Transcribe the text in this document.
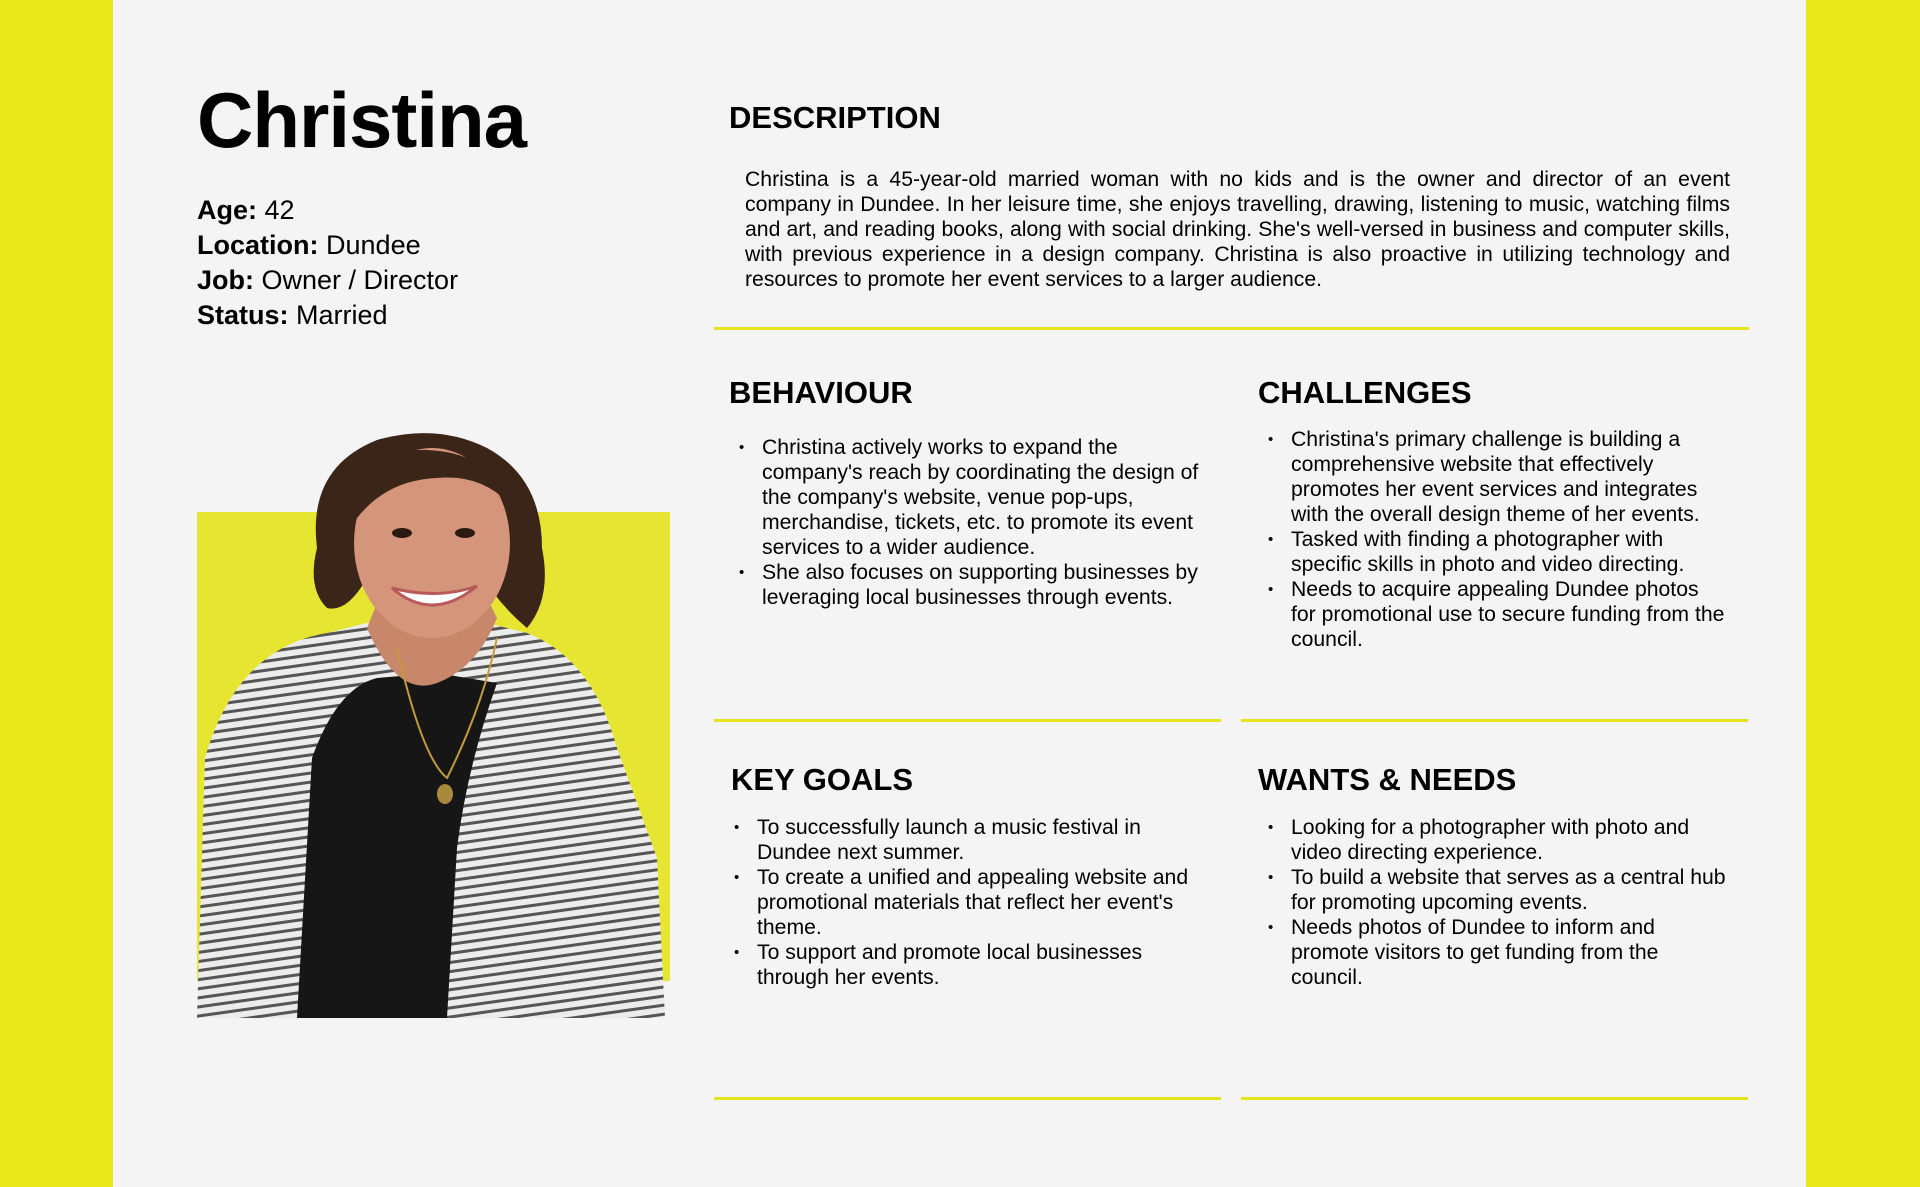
Christina
Age: 42
Location: Dundee
Job: Owner / Director
Status: Married
DESCRIPTION

Christina is a 45-year-old married woman with no kids and is the owner and director of an event company in Dundee. In her leisure time, she enjoys travelling, drawing, listening to music, watching films and art, and reading books, along with social drinking. She's well-versed in business and computer skills, with previous experience in a design company. Christina is also proactive in utilizing technology and resources to promote her event services to a larger audience.

BEHAVIOUR
• Christina actively works to expand the company's reach by coordinating the design of the company's website, venue pop-ups, merchandise, tickets, etc. to promote its event services to a wider audience.
• She also focuses on supporting businesses by leveraging local businesses through events.
CHALLENGES
• Christina's primary challenge is building a comprehensive website that effectively promotes her event services and integrates with the overall design theme of her events.
• Tasked with finding a photographer with specific skills in photo and video directing.
• Needs to acquire appealing Dundee photos for promotional use to secure funding from the council.
KEY GOALS
• To successfully launch a music festival in Dundee next summer.
• To create a unified and appealing website and promotional materials that reflect her event's theme.
• To support and promote local businesses through her events.
WANTS & NEEDS
• Looking for a photographer with photo and video directing experience.
• To build a website that serves as a central hub for promoting upcoming events.
• Needs photos of Dundee to inform and promote visitors to get funding from the council.
